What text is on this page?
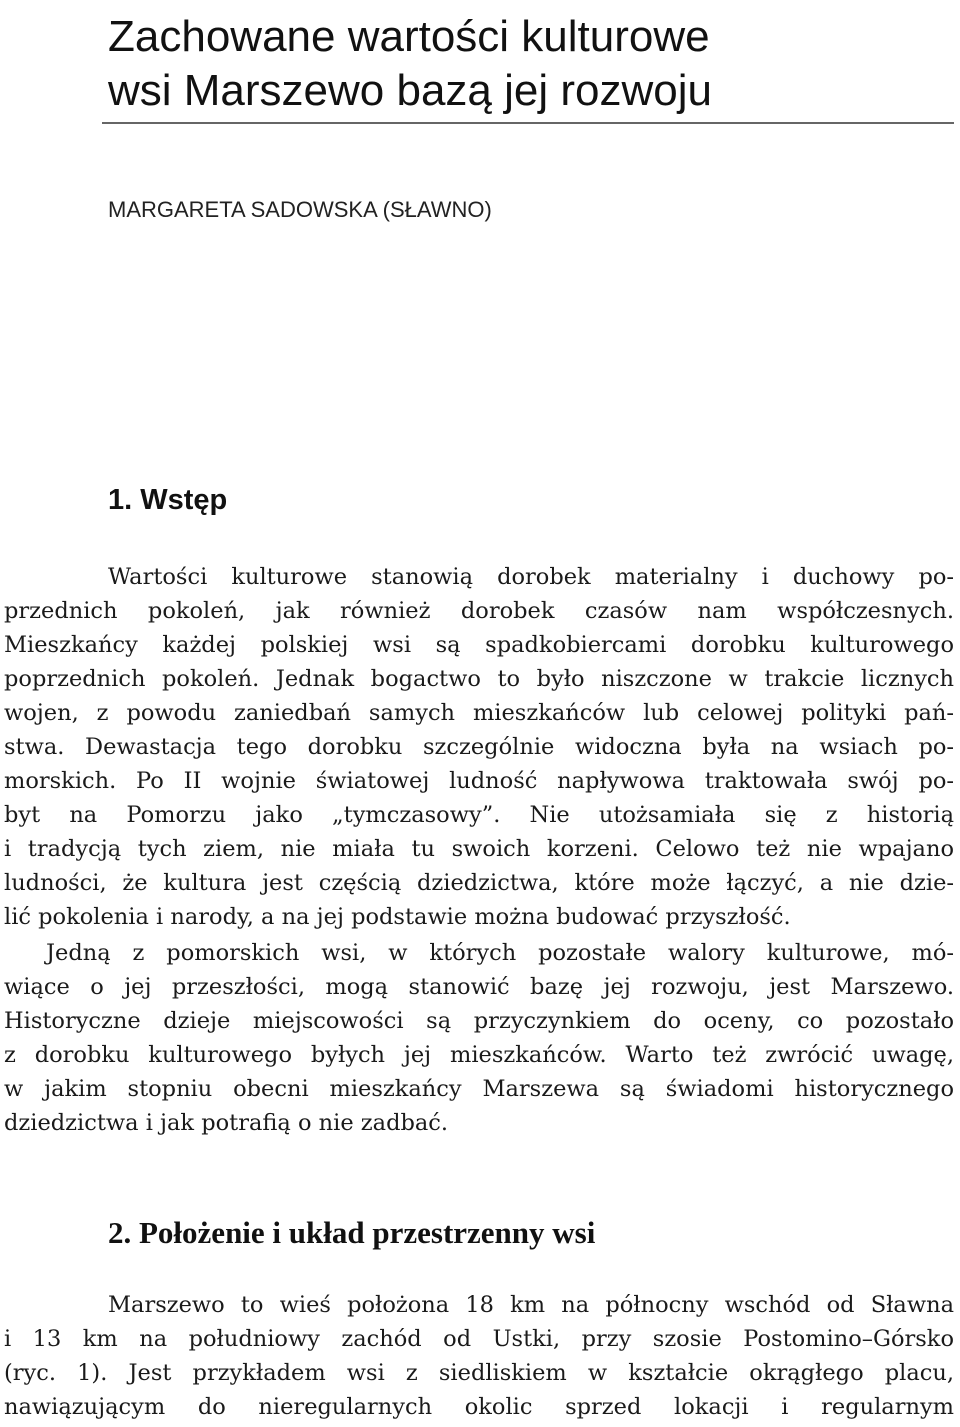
Zachowane wartości kulturowe
wsi Marszewo bazą jej rozwoju
MARGARETA SADOWSKA (SŁAWNO)
1. Wstęp
Wartości kulturowe stanowią dorobek materialny i duchowy po-
przednich pokoleń, jak również dorobek czasów nam współczesnych.
Mieszkańcy każdej polskiej wsi są spadkobiercami dorobku kulturowego
poprzednich pokoleń. Jednak bogactwo to było niszczone w trakcie licznych
wojen, z powodu zaniedbań samych mieszkańców lub celowej polityki pań-
stwa. Dewastacja tego dorobku szczególnie widoczna była na wsiach po-
morskich. Po II wojnie światowej ludność napływowa traktowała swój po-
byt na Pomorzu jako „tymczasowy”. Nie utożsamiała się z historią
i tradycją tych ziem, nie miała tu swoich korzeni. Celowo też nie wpajano
ludności, że kultura jest częścią dziedzictwa, które może łączyć, a nie dzie-
lić pokolenia i narody, a na jej podstawie można budować przyszłość.
Jedną z pomorskich wsi, w których pozostałe walory kulturowe, mó-
wiące o jej przeszłości, mogą stanowić bazę jej rozwoju, jest Marszewo.
Historyczne dzieje miejscowości są przyczynkiem do oceny, co pozostało
z dorobku kulturowego byłych jej mieszkańców. Warto też zwrócić uwagę,
w jakim stopniu obecni mieszkańcy Marszewa są świadomi historycznego
dziedzictwa i jak potrafią o nie zadbać.
2. Położenie i układ przestrzenny wsi
Marszewo to wieś położona 18 km na północny wschód od Sławna
i 13 km na południowy zachód od Ustki, przy szosie Postomino–Górsko
(ryc. 1). Jest przykładem wsi z siedliskiem w kształcie okrągłego placu,
nawiązującym do nieregularnych okolic sprzed lokacji i regularnym
